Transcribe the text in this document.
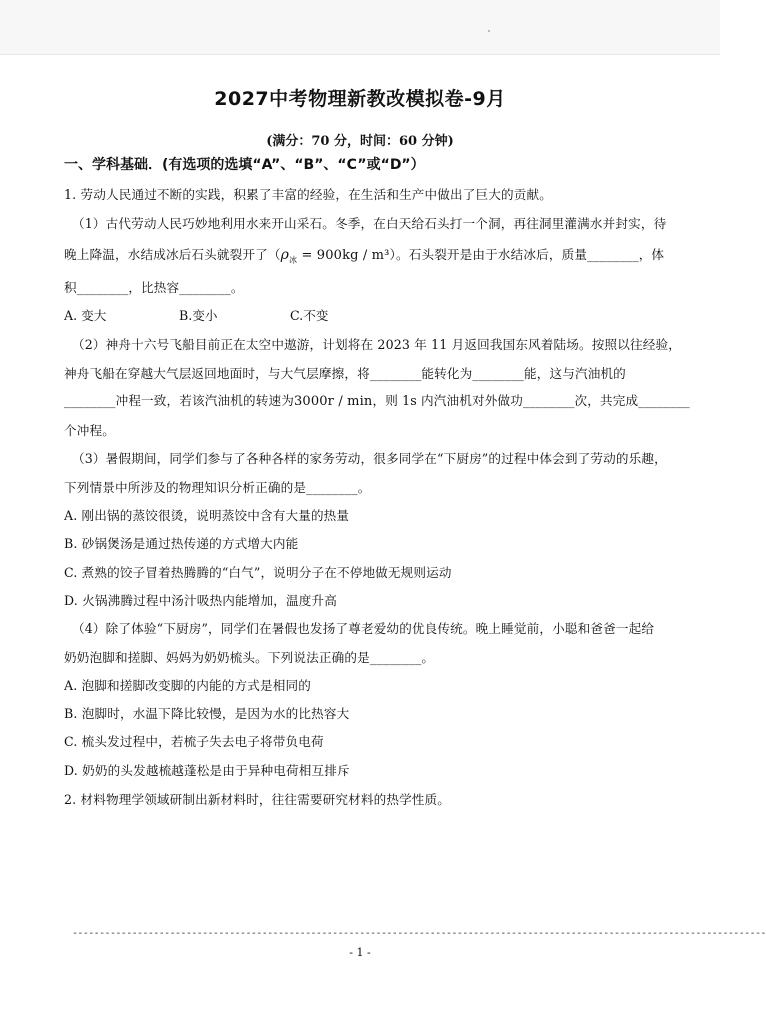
2027中考物理新教改模拟卷-9月
(满分：70 分，时间：60 分钟)
一、学科基础．(有选项的选填“A”、“B”、“C”或“D”）
1. 劳动人民通过不断的实践，积累了丰富的经验，在生活和生产中做出了巨大的贡献。
（1）古代劳动人民巧妙地利用水来开山采石。冬季，在白天给石头打一个洞，再往洞里灌满水并封实，待
晚上降温，水结成冰后石头就裂开了$(\rho_冰 = 900kg / m^3)$。石头裂开是由于水结冰后，质量________，体
积________，比热容________。
A. 变大	B.变小	C.不变
（2）神舟十六号飞船目前正在太空中遨游，计划将在 2023 年 11 月返回我国东风着陆场。按照以往经验，
神舟飞船在穿越大气层返回地面时，与大气层摩擦，将________能转化为________能，这与汽油机的
________冲程一致，若该汽油机的转速为3000r / min，则 1s 内汽油机对外做功________次，共完成________
个冲程。
（3）暑假期间，同学们参与了各种各样的家务劳动，很多同学在“下厨房”的过程中体会到了劳动的乐趣，
下列情景中所涉及的物理知识分析正确的是________。
A. 刚出锅的蒸饺很烫，说明蒸饺中含有大量的热量
B. 砂锅煲汤是通过热传递的方式增大内能
C. 煮熟的饺子冒着热腾腾的“白气”，说明分子在不停地做无规则运动
D. 火锅沸腾过程中汤汁吸热内能增加，温度升高
（4）除了体验“下厨房”，同学们在暑假也发扬了尊老爱幼的优良传统。晚上睡觉前，小聪和爸爸一起给
奶奶泡脚和搓脚、妈妈为奶奶梳头。下列说法正确的是________。
A. 泡脚和搓脚改变脚的内能的方式是相同的
B. 泡脚时，水温下降比较慢，是因为水的比热容大
C. 梳头发过程中，若梳子失去电子将带负电荷
D. 奶奶的头发越梳越蓬松是由于异种电荷相互排斥
2. 材料物理学领域研制出新材料时，往往需要研究材料的热学性质。
--------------------------------------------------------------------------------------------------------------------------------
- 1 -
